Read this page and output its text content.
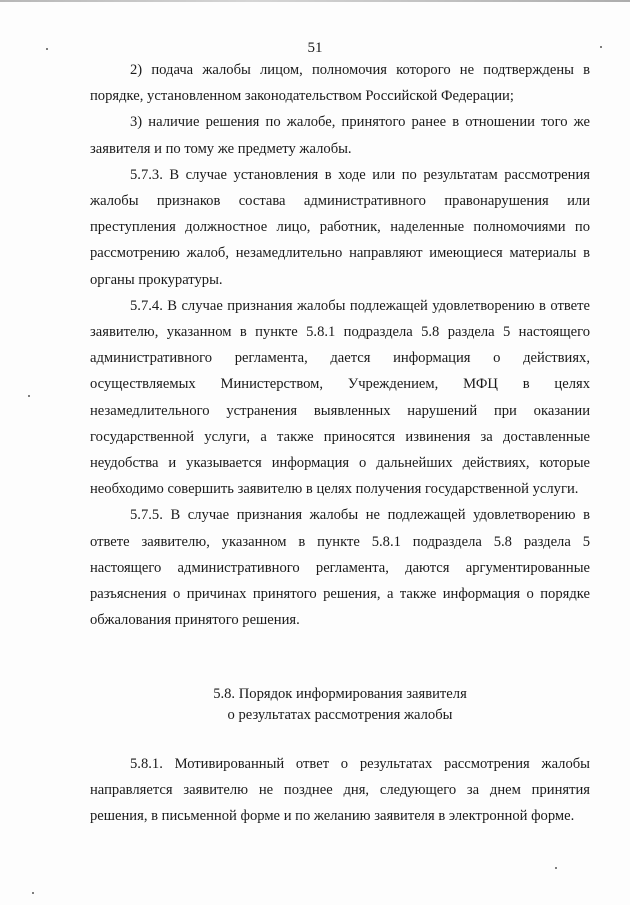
51

2) подача жалобы лицом, полномочия которого не подтверждены в порядке, установленном законодательством Российской Федерации;

3) наличие решения по жалобе, принятого ранее в отношении того же заявителя и по тому же предмету жалобы.

5.7.3. В случае установления в ходе или по результатам рассмотрения жалобы признаков состава административного правонарушения или преступления должностное лицо, работник, наделенные полномочиями по рассмотрению жалоб, незамедлительно направляют имеющиеся материалы в органы прокуратуры.

5.7.4. В случае признания жалобы подлежащей удовлетворению в ответе заявителю, указанном в пункте 5.8.1 подраздела 5.8 раздела 5 настоящего административного регламента, дается информация о действиях, осуществляемых Министерством, Учреждением, МФЦ в целях незамедлительного устранения выявленных нарушений при оказании государственной услуги, а также приносятся извинения за доставленные неудобства и указывается информация о дальнейших действиях, которые необходимо совершить заявителю в целях получения государственной услуги.

5.7.5. В случае признания жалобы не подлежащей удовлетворению в ответе заявителю, указанном в пункте 5.8.1 подраздела 5.8 раздела 5 настоящего административного регламента, даются аргументированные разъяснения о причинах принятого решения, а также информация о порядке обжалования принятого решения.

5.8. Порядок информирования заявителя
о результатах рассмотрения жалобы

5.8.1. Мотивированный ответ о результатах рассмотрения жалобы направляется заявителю не позднее дня, следующего за днем принятия решения, в письменной форме и по желанию заявителя в электронной форме.
